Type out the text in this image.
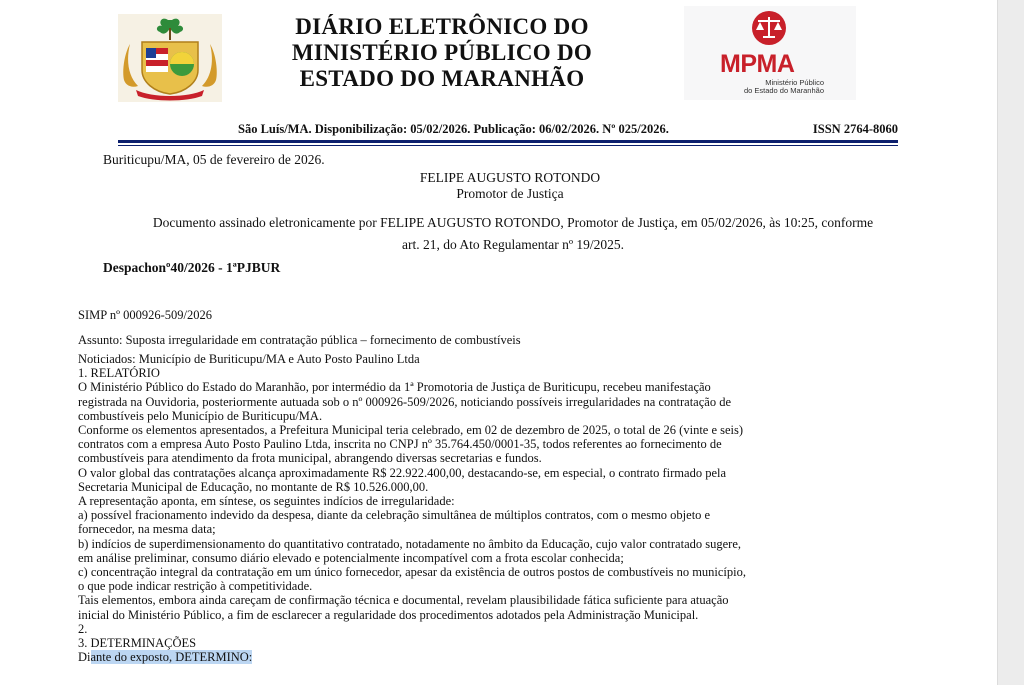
DIÁRIO ELETRÔNICO DO
MINISTÉRIO PÚBLICO DO
ESTADO DO MARANHÃO
MPMA
Ministério Público
do Estado do Maranhão
São Luís/MA. Disponibilização: 05/02/2026. Publicação: 06/02/2026. Nº 025/2026.	ISSN 2764-8060
Buriticupu/MA, 05 de fevereiro de 2026.
FELIPE AUGUSTO ROTONDO
Promotor de Justiça
Documento assinado eletronicamente por FELIPE AUGUSTO ROTONDO, Promotor de Justiça, em 05/02/2026, às 10:25, conforme
art. 21, do Ato Regulamentar nº 19/2025.
Despachonº40/2026 - 1ªPJBUR
SIMP nº 000926-509/2026
Assunto: Suposta irregularidade em contratação pública – fornecimento de combustíveis

Noticiados: Município de Buriticupu/MA e Auto Posto Paulino Ltda

1. RELATÓRIO

O Ministério Público do Estado do Maranhão, por intermédio da 1ª Promotoria de Justiça de Buriticupu, recebeu manifestação

registrada na Ouvidoria, posteriormente autuada sob o nº 000926-509/2026, noticiando possíveis irregularidades na contratação de

combustíveis pelo Município de Buriticupu/MA.

Conforme os elementos apresentados, a Prefeitura Municipal teria celebrado, em 02 de dezembro de 2025, o total de 26 (vinte e seis)

contratos com a empresa Auto Posto Paulino Ltda, inscrita no CNPJ nº 35.764.450/0001-35, todos referentes ao fornecimento de

combustíveis para atendimento da frota municipal, abrangendo diversas secretarias e fundos.

O valor global das contratações alcança aproximadamente R$ 22.922.400,00, destacando-se, em especial, o contrato firmado pela

Secretaria Municipal de Educação, no montante de R$ 10.526.000,00.

A representação aponta, em síntese, os seguintes indícios de irregularidade:

a) possível fracionamento indevido da despesa, diante da celebração simultânea de múltiplos contratos, com o mesmo objeto e

fornecedor, na mesma data;

b) indícios de superdimensionamento do quantitativo contratado, notadamente no âmbito da Educação, cujo valor contratado sugere,

em análise preliminar, consumo diário elevado e potencialmente incompatível com a frota escolar conhecida;

c) concentração integral da contratação em um único fornecedor, apesar da existência de outros postos de combustíveis no município,

o que pode indicar restrição à competitividade.

Tais elementos, embora ainda careçam de confirmação técnica e documental, revelam plausibilidade fática suficiente para atuação

inicial do Ministério Público, a fim de esclarecer a regularidade dos procedimentos adotados pela Administração Municipal.

2.

3. DETERMINAÇÕES

Diante do exposto, DETERMINO:
